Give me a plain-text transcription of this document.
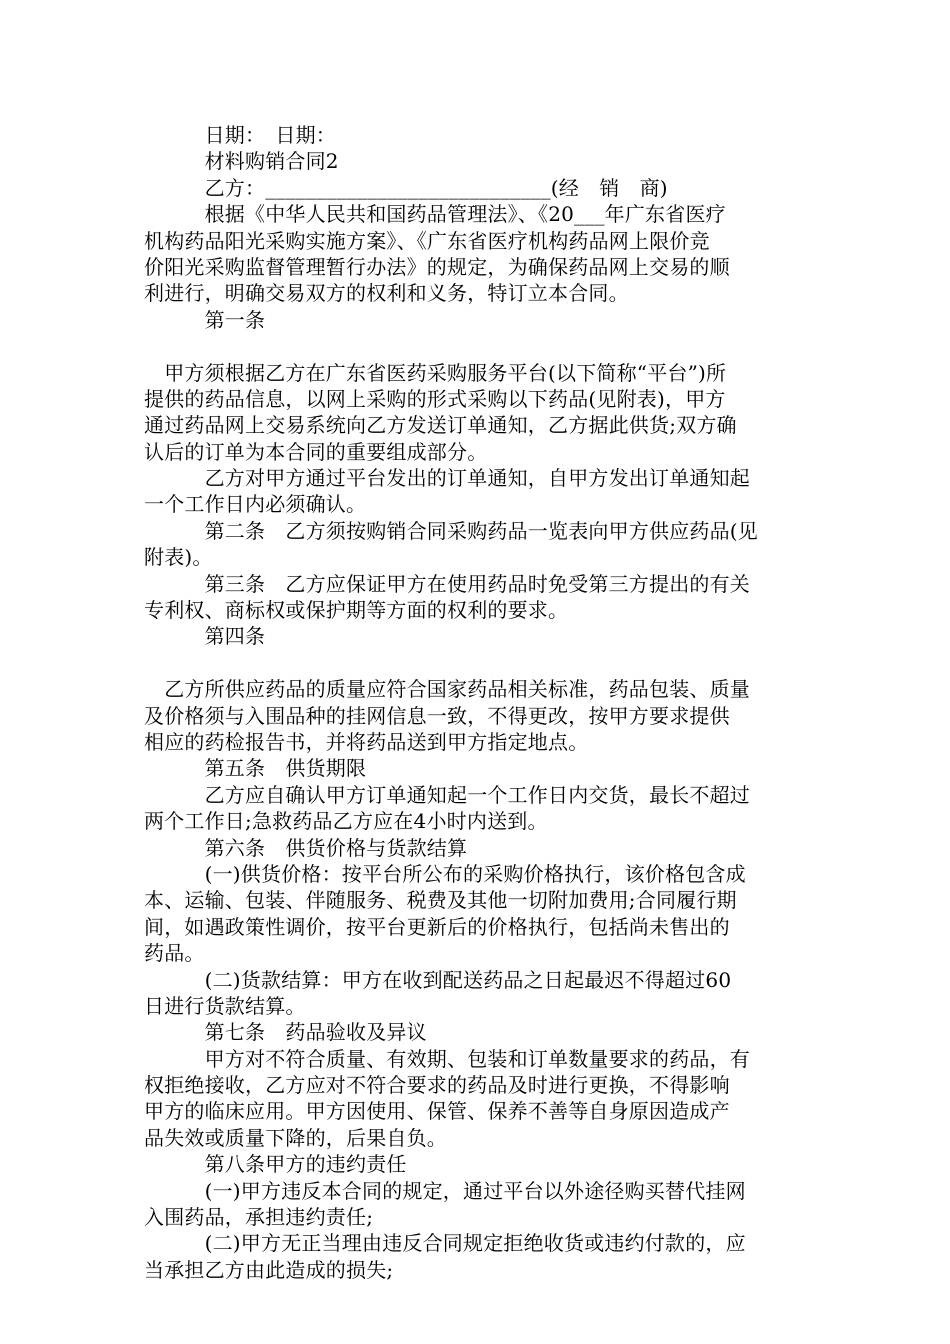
　　　日期：　日期：
　　　材料购销合同2
　　　乙方：____________________________(经　销　商)
　　　根据《中华人民共和国药品管理法》、《20___年广东省医疗
机构药品阳光采购实施方案》、《广东省医疗机构药品网上限价竞
价阳光采购监督管理暂行办法》的规定，为确保药品网上交易的顺
利进行，明确交易双方的权利和义务，特订立本合同。
　　　第一条
　甲方须根据乙方在广东省医药采购服务平台(以下简称“平台”)所
提供的药品信息，以网上采购的形式采购以下药品(见附表)，甲方
通过药品网上交易系统向乙方发送订单通知，乙方据此供货;双方确
认后的订单为本合同的重要组成部分。
　　　乙方对甲方通过平台发出的订单通知，自甲方发出订单通知起
一个工作日内必须确认。
　　　第二条　乙方须按购销合同采购药品一览表向甲方供应药品(见
附表)。
　　　第三条　乙方应保证甲方在使用药品时免受第三方提出的有关
专利权、商标权或保护期等方面的权利的要求。
　　　第四条
　乙方所供应药品的质量应符合国家药品相关标准，药品包装、质量
及价格须与入围品种的挂网信息一致，不得更改，按甲方要求提供
相应的药检报告书，并将药品送到甲方指定地点。
　　　第五条　供货期限
　　　乙方应自确认甲方订单通知起一个工作日内交货，最长不超过
两个工作日;急救药品乙方应在4小时内送到。
　　　第六条　供货价格与货款结算
　　　(一)供货价格：按平台所公布的采购价格执行，该价格包含成
本、运输、包装、伴随服务、税费及其他一切附加费用;合同履行期
间，如遇政策性调价，按平台更新后的价格执行，包括尚未售出的
药品。
　　　(二)货款结算：甲方在收到配送药品之日起最迟不得超过60
日进行货款结算。
　　　第七条　药品验收及异议
　　　甲方对不符合质量、有效期、包装和订单数量要求的药品，有
权拒绝接收，乙方应对不符合要求的药品及时进行更换，不得影响
甲方的临床应用。甲方因使用、保管、保养不善等自身原因造成产
品失效或质量下降的，后果自负。
　　　第八条甲方的违约责任
　　　(一)甲方违反本合同的规定，通过平台以外途径购买替代挂网
入围药品，承担违约责任;
　　　(二)甲方无正当理由违反合同规定拒绝收货或违约付款的，应
当承担乙方由此造成的损失;
